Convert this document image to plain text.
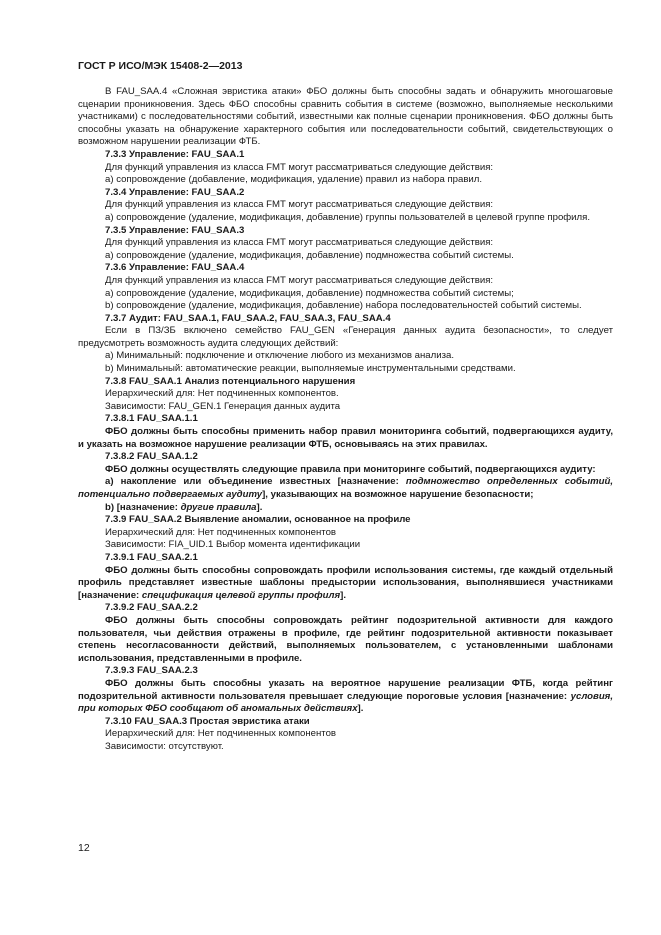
ГОСТ Р ИСО/МЭК 15408-2—2013

В FAU_SAA.4 «Сложная эвристика атаки» ФБО должны быть способны задать и обнаружить многошаговые сценарии проникновения. Здесь ФБО способны сравнить события в системе (возможно, выполняемые несколькими участниками) с последовательностями событий, известными как полные сценарии проникновения. ФБО должны быть способны указать на обнаружение характерного события или последовательности событий, свидетельствующих о возможном нарушении реализации ФТБ.

7.3.3 Управление: FAU_SAA.1

Для функций управления из класса FMT могут рассматриваться следующие действия:

а) сопровождение (добавление, модификация, удаление) правил из набора правил.

7.3.4 Управление: FAU_SAA.2

Для функций управления из класса FMT могут рассматриваться следующие действия:

а) сопровождение (удаление, модификация, добавление) группы пользователей в целевой группе профиля.

7.3.5 Управление: FAU_SAA.3

Для функций управления из класса FMT могут рассматриваться следующие действия:

а) сопровождение (удаление, модификация, добавление) подмножества событий системы.

7.3.6 Управление: FAU_SAA.4

Для функций управления из класса FMT могут рассматриваться следующие действия:

а) сопровождение (удаление, модификация, добавление) подмножества событий системы;

b) сопровождение (удаление, модификация, добавление) набора последовательностей событий системы.

7.3.7 Аудит: FAU_SAA.1, FAU_SAA.2, FAU_SAA.3, FAU_SAA.4

Если в ПЗ/ЗБ включено семейство FAU_GEN «Генерация данных аудита безопасности», то следует предусмотреть возможность аудита следующих действий:

а) Минимальный: подключение и отключение любого из механизмов анализа.

b) Минимальный: автоматические реакции, выполняемые инструментальными средствами.

7.3.8 FAU_SAA.1 Анализ потенциального нарушения

Иерархический для: Нет подчиненных компонентов.

Зависимости: FAU_GEN.1 Генерация данных аудита

7.3.8.1 FAU_SAA.1.1

ФБО должны быть способны применить набор правил мониторинга событий, подвергающихся аудиту, и указать на возможное нарушение реализации ФТБ, основываясь на этих правилах.

7.3.8.2 FAU_SAA.1.2

ФБО должны осуществлять следующие правила при мониторинге событий, подвергающихся аудиту:

а) накопление или объединение известных [назначение: подмножество определенных событий, потенциально подвергаемых аудиту], указывающих на возможное нарушение безопасности;

b) [назначение: другие правила].

7.3.9 FAU_SAA.2 Выявление аномалии, основанное на профиле

Иерархический для: Нет подчиненных компонентов

Зависимости: FIA_UID.1 Выбор момента идентификации

7.3.9.1 FAU_SAA.2.1

ФБО должны быть способны сопровождать профили использования системы, где каждый отдельный профиль представляет известные шаблоны предыстории использования, выполнявшиеся участниками [назначение: спецификация целевой группы профиля].

7.3.9.2 FAU_SAA.2.2

ФБО должны быть способны сопровождать рейтинг подозрительной активности для каждого пользователя, чьи действия отражены в профиле, где рейтинг подозрительной активности показывает степень несогласованности действий, выполняемых пользователем, с установленными шаблонами использования, представленными в профиле.

7.3.9.3 FAU_SAA.2.3

ФБО должны быть способны указать на вероятное нарушение реализации ФТБ, когда рейтинг подозрительной активности пользователя превышает следующие пороговые условия [назначение: условия, при которых ФБО сообщают об аномальных действиях].

7.3.10 FAU_SAA.3 Простая эвристика атаки

Иерархический для: Нет подчиненных компонентов

Зависимости: отсутствуют.

12
